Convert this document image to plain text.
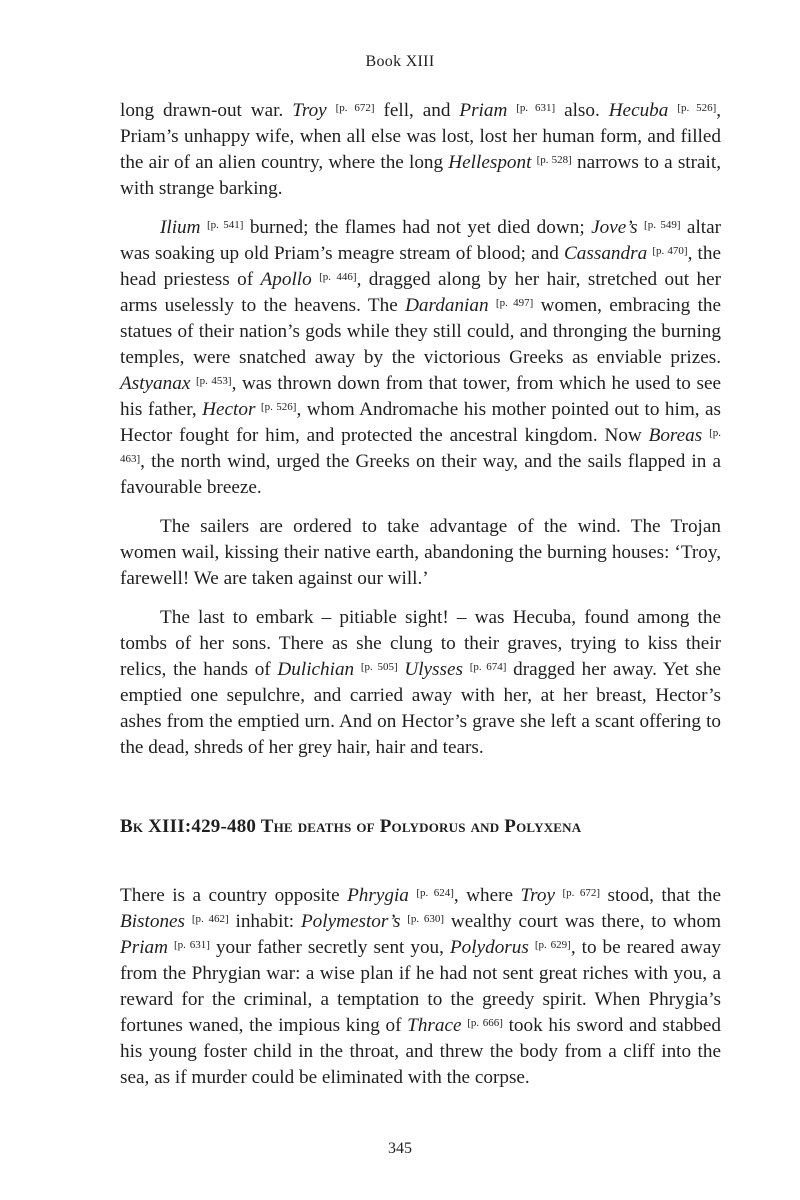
Book XIII

long drawn-out war. Troy [p. 672] fell, and Priam [p. 631] also. Hecuba [p. 526], Priam’s unhappy wife, when all else was lost, lost her human form, and filled the air of an alien country, where the long Hellespont [p. 528] narrows to a strait, with strange barking.

Ilium [p. 541] burned; the flames had not yet died down; Jove’s [p. 549] altar was soaking up old Priam’s meagre stream of blood; and Cassandra [p. 470], the head priestess of Apollo [p. 446], dragged along by her hair, stretched out her arms uselessly to the heavens. The Dardanian [p. 497] women, embracing the statues of their nation’s gods while they still could, and thronging the burning temples, were snatched away by the victorious Greeks as enviable prizes. Astyanax [p. 453], was thrown down from that tower, from which he used to see his father, Hector [p. 526], whom Andromache his mother pointed out to him, as Hector fought for him, and protected the ancestral kingdom. Now Boreas [p. 463], the north wind, urged the Greeks on their way, and the sails flapped in a favourable breeze.

The sailers are ordered to take advantage of the wind. The Trojan women wail, kissing their native earth, abandoning the burning houses: ‘Troy, farewell! We are taken against our will.’

The last to embark – pitiable sight! – was Hecuba, found among the tombs of her sons. There as she clung to their graves, trying to kiss their relics, the hands of Dulichian [p. 505] Ulysses [p. 674] dragged her away. Yet she emptied one sepulchre, and carried away with her, at her breast, Hector’s ashes from the emptied urn. And on Hector’s grave she left a scant offering to the dead, shreds of her grey hair, hair and tears.

Bk XIII:429-480 The deaths of Polydorus and Polyxena

There is a country opposite Phrygia [p. 624], where Troy [p. 672] stood, that the Bistones [p. 462] inhabit: Polymestor’s [p. 630] wealthy court was there, to whom Priam [p. 631] your father secretly sent you, Polydorus [p. 629], to be reared away from the Phrygian war: a wise plan if he had not sent great riches with you, a reward for the criminal, a temptation to the greedy spirit. When Phrygia’s fortunes waned, the impious king of Thrace [p. 666] took his sword and stabbed his young foster child in the throat, and threw the body from a cliff into the sea, as if murder could be eliminated with the corpse.

345
